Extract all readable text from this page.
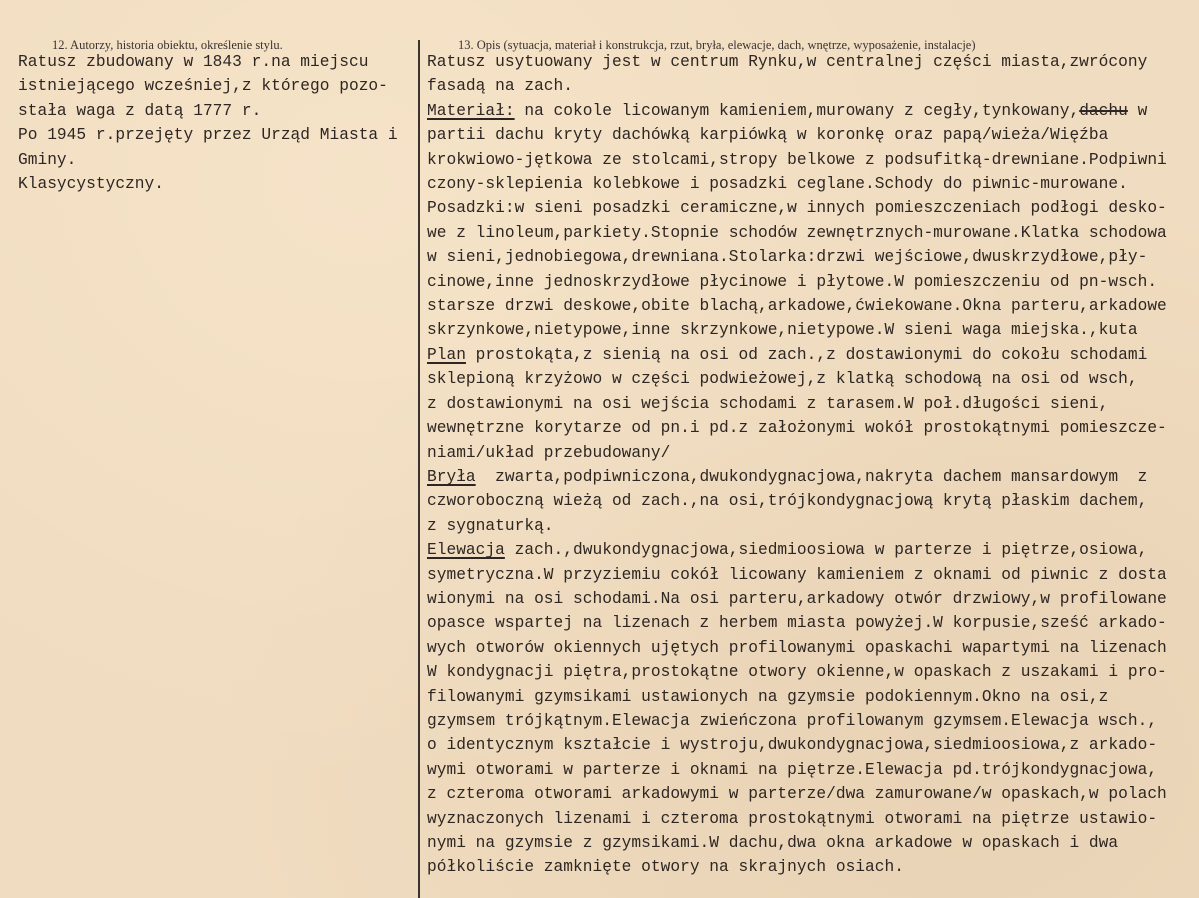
12. Autorzy, historia obiektu, określenie stylu.	13. Opis (sytuacja, materiał i konstrukcja, rzut, bryła, elewacje, dach, wnętrze, wyposażenie, instalacje)
Ratusz zbudowany w 1843 r.na miejscu
istniejącego wcześniej,z którego pozo-
stała waga z datą 1777 r.
Po 1945 r.przejęty przez Urząd Miasta i
Gminy.
Klasycystyczny.
Ratusz usytuowany jest w centrum Rynku,w centralnej części miasta,zwrócony
fasadą na zach.
Materiał: na cokole licowanym kamieniem,murowany z cegły,tynkowany,dachu w
partii dachu kryty dachówką karpiówką w koronkę oraz papą/wieża/Więźba
krokwiowo-jętkowa ze stolcami,stropy belkowe z podsufitką-drewniane.Podpiwni
czony-sklepienia kolebkowe i posadzki ceglane.Schody do piwnic-murowane.
Posadzki:w sieni posadzki ceramiczne,w innych pomieszczeniach podłogi desko-
we z linoleum,parkiety.Stopnie schodów zewnętrznych-murowane.Klatka schodowa
w sieni,jednobiegowa,drewniana.Stolarka:drzwi wejściowe,dwuskrzydłowe,pły-
cinowe,inne jednoskrzydłowe płycinowe i płytowe.W pomieszczeniu od pn-wsch.
starsze drzwi deskowe,obite blachą,arkadowe,ćwiekowane.Okna parteru,arkadowe
skrzynkowe,nietypowe,inne skrzynkowe,nietypowe.W sieni waga miejska.,kuta
Plan prostokąta,z sienią na osi od zach.,z dostawionymi do cokołu schodami
sklepioną krzyżowo w części podwieżowej,z klatką schodową na osi od wsch,
z dostawionymi na osi wejścia schodami z tarasem.W poł.długości sieni,
wewnętrzne korytarze od pn.i pd.z założonymi wokół prostokątnymi pomieszcze-
niami/układ przebudowany/
Bryła  zwarta,podpiwniczona,dwukondygnacjowa,nakryta dachem mansardowym  z
czworoboczną wieżą od zach.,na osi,trójkondygnacjową krytą płaskim dachem,
z sygnaturką.
Elewacja zach.,dwukondygnacjowa,siedmioosiowa w parterze i piętrze,osiowa,
symetryczna.W przyziemiu cokół licowany kamieniem z oknami od piwnic z dosta
wionymi na osi schodami.Na osi parteru,arkadowy otwór drzwiowy,w profilowane
opasce wspartej na lizenach z herbem miasta powyżej.W korpusie,sześć arkado-
wych otworów okiennych ujętych profilowanymi opaskachi wapartymi na lizenach
W kondygnacji piętra,prostokątne otwory okienne,w opaskach z uszakami i pro-
filowanymi gzymsikami ustawionych na gzymsie podokiennym.Okno na osi,z
gzymsem trójkątnym.Elewacja zwieńczona profilowanym gzymsem.Elewacja wsch.,
o identycznym kształcie i wystroju,dwukondygnacjowa,siedmioosiowa,z arkado-
wymi otworami w parterze i oknami na piętrze.Elewacja pd.trójkondygnacjowa,
z czteroma otworami arkadowymi w parterze/dwa zamurowane/w opaskach,w polach
wyznaczonych lizenami i czteroma prostokątnymi otworami na piętrze ustawio-
nymi na gzymsie z gzymsikami.W dachu,dwa okna arkadowe w opaskach i dwa
półkoliście zamknięte otwory na skrajnych osiach.
